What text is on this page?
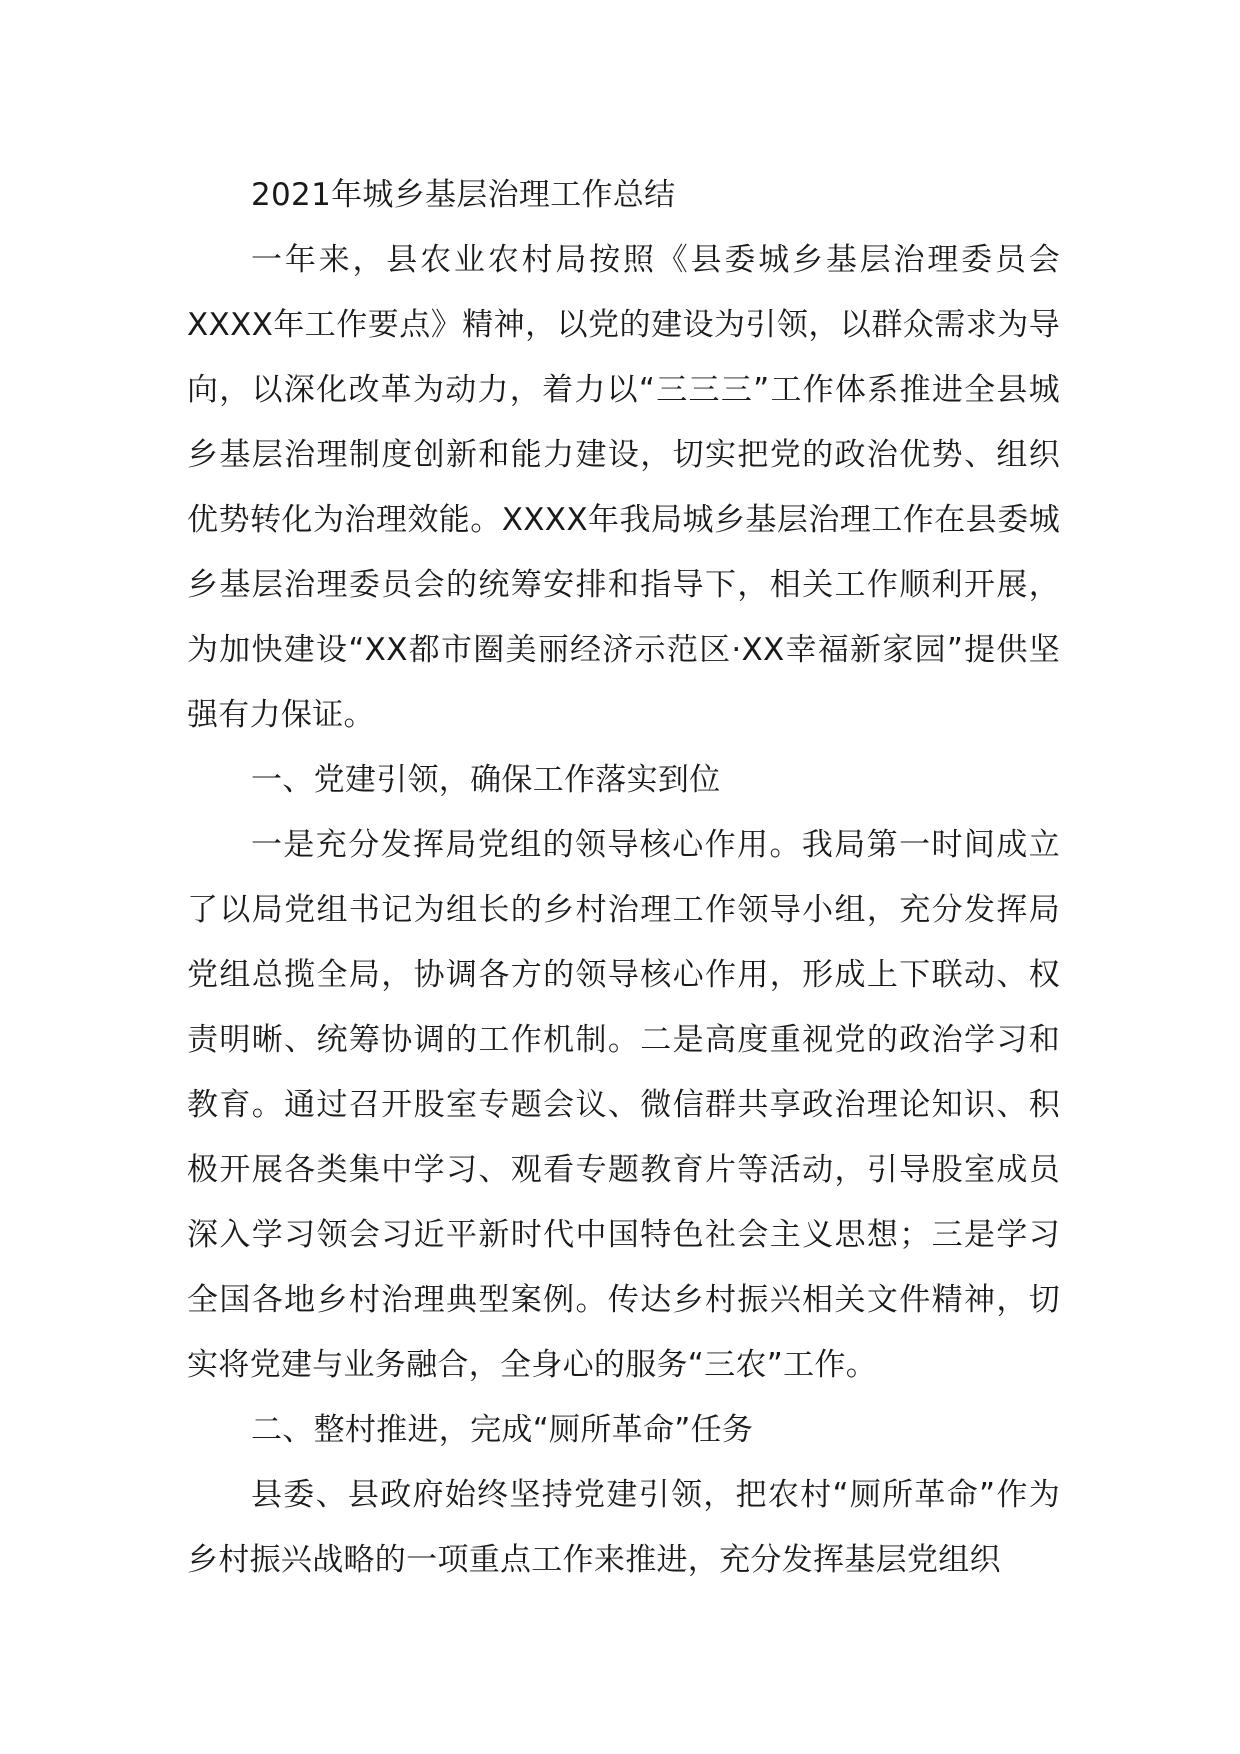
2021年城乡基层治理工作总结

一年来，县农业农村局按照《县委城乡基层治理委员会XXXX年工作要点》精神，以党的建设为引领，以群众需求为导向，以深化改革为动力，着力以“三三三”工作体系推进全县城乡基层治理制度创新和能力建设，切实把党的政治优势、组织优势转化为治理效能。XXXX年我局城乡基层治理工作在县委城乡基层治理委员会的统筹安排和指导下，相关工作顺利开展，为加快建设“XX都市圈美丽经济示范区·XX幸福新家园”提供坚强有力保证。

一、党建引领，确保工作落实到位

一是充分发挥局党组的领导核心作用。我局第一时间成立了以局党组书记为组长的乡村治理工作领导小组，充分发挥局党组总揽全局，协调各方的领导核心作用，形成上下联动、权责明晰、统筹协调的工作机制。二是高度重视党的政治学习和教育。通过召开股室专题会议、微信群共享政治理论知识、积极开展各类集中学习、观看专题教育片等活动，引导股室成员深入学习领会习近平新时代中国特色社会主义思想；三是学习全国各地乡村治理典型案例。传达乡村振兴相关文件精神，切实将党建与业务融合，全身心的服务“三农”工作。

二、整村推进，完成“厕所革命”任务

县委、县政府始终坚持党建引领，把农村“厕所革命”作为乡村振兴战略的一项重点工作来推进，充分发挥基层党组织
